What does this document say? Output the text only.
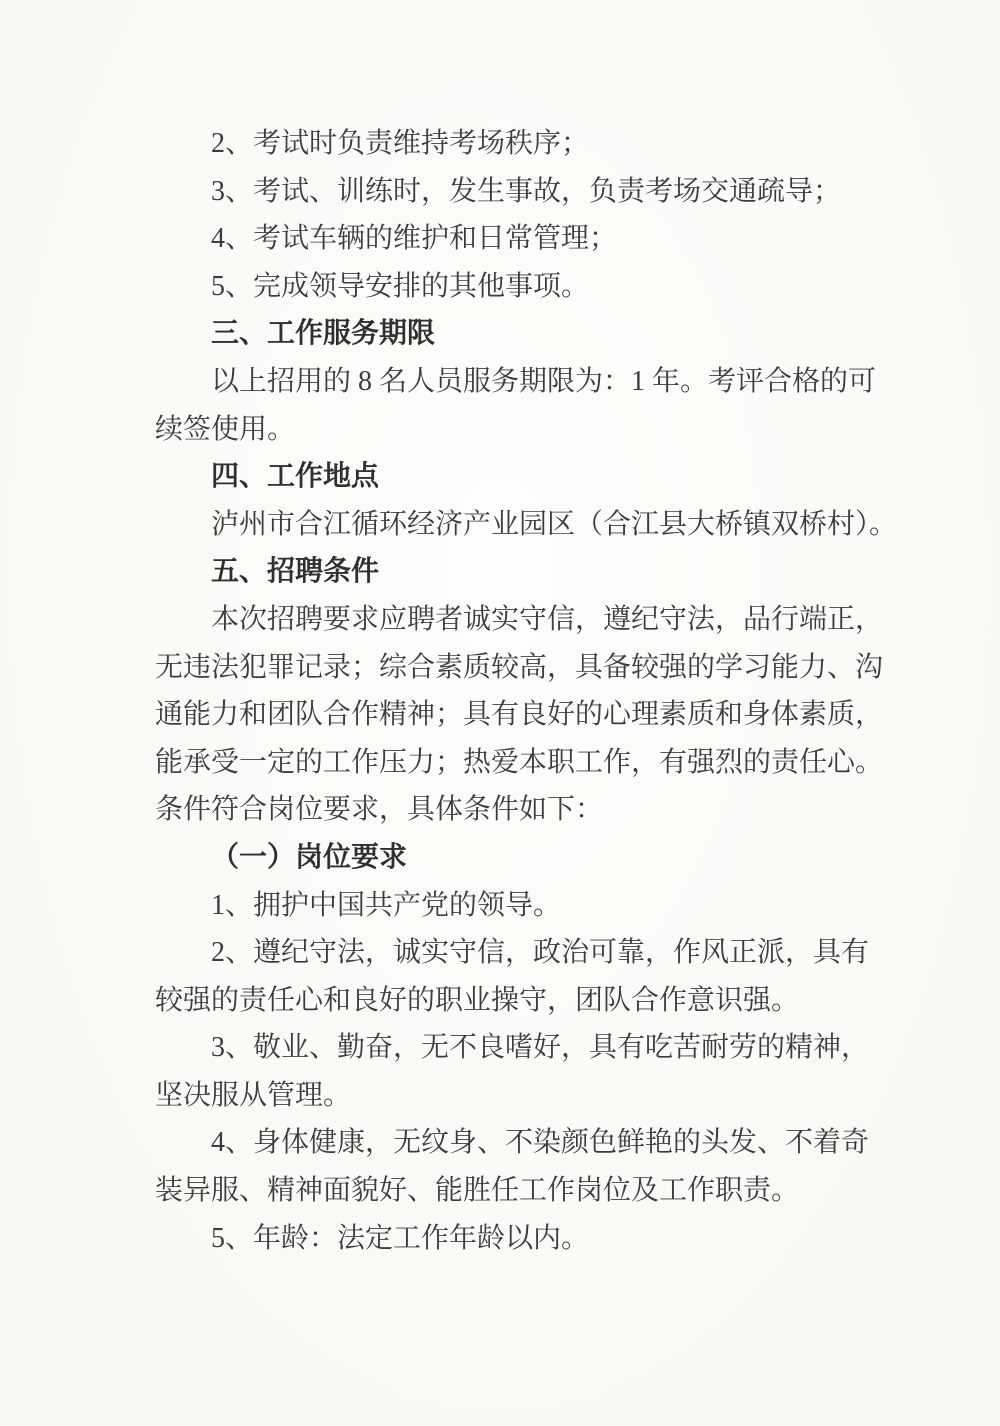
2、考试时负责维持考场秩序；
3、考试、训练时，发生事故，负责考场交通疏导；
4、考试车辆的维护和日常管理；
5、完成领导安排的其他事项。
三、工作服务期限
以上招用的 8 名人员服务期限为：1 年。考评合格的可
续签使用。
四、工作地点
泸州市合江循环经济产业园区（合江县大桥镇双桥村）。
五、招聘条件
本次招聘要求应聘者诚实守信，遵纪守法，品行端正，
无违法犯罪记录；综合素质较高，具备较强的学习能力、沟
通能力和团队合作精神；具有良好的心理素质和身体素质，
能承受一定的工作压力；热爱本职工作，有强烈的责任心。
条件符合岗位要求，具体条件如下：
（一）岗位要求
1、拥护中国共产党的领导。
2、遵纪守法，诚实守信，政治可靠，作风正派，具有
较强的责任心和良好的职业操守，团队合作意识强。
3、敬业、勤奋，无不良嗜好，具有吃苦耐劳的精神，
坚决服从管理。
4、身体健康，无纹身、不染颜色鲜艳的头发、不着奇
装异服、精神面貌好、能胜任工作岗位及工作职责。
5、年龄：法定工作年龄以内。
